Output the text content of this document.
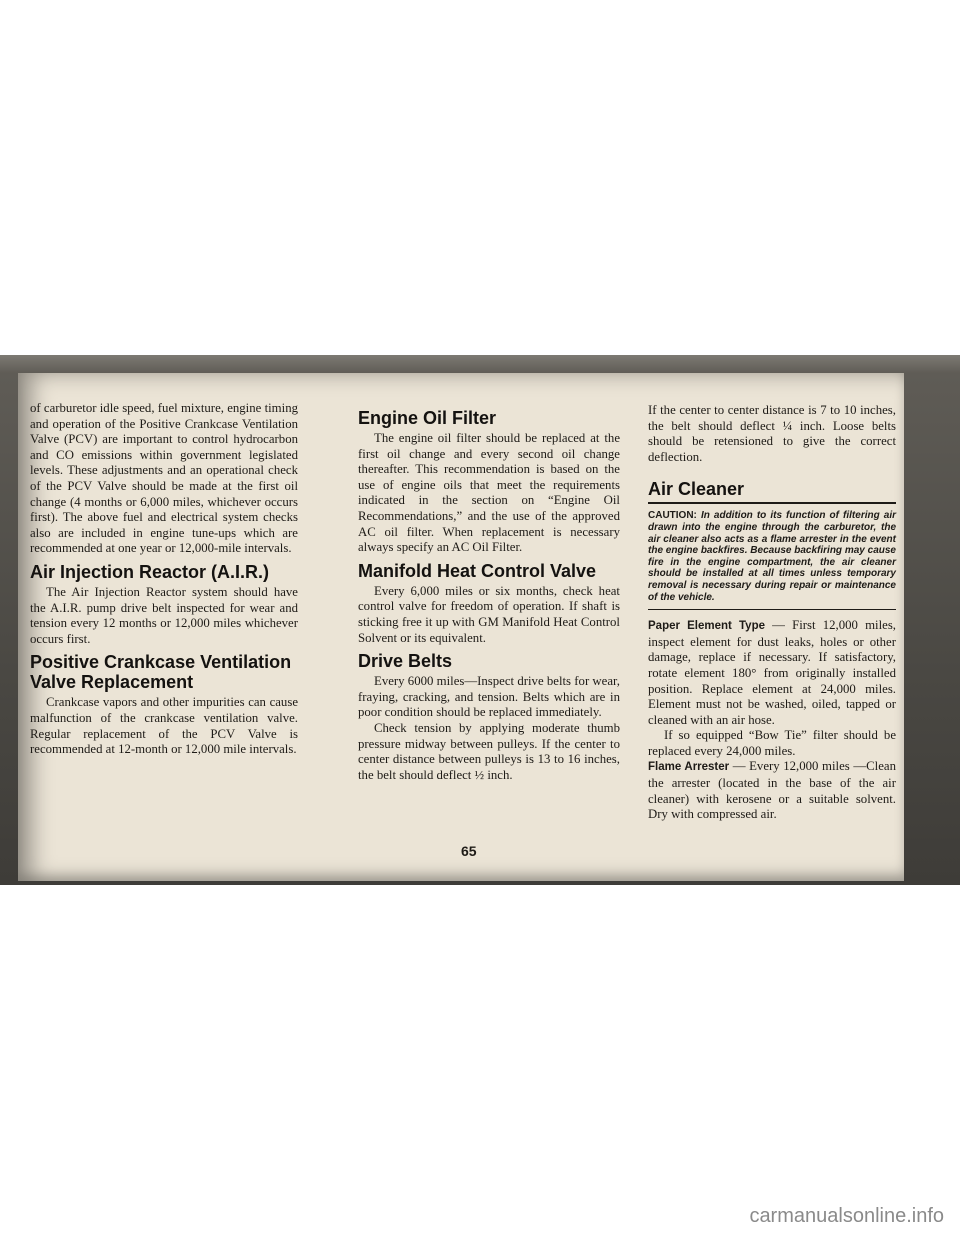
of carburetor idle speed, fuel mixture, engine timing and operation of the Positive Crankcase Ventilation Valve (PCV) are important to control hydrocarbon and CO emissions within government legislated levels. These adjustments and an operational check of the PCV Valve should be made at the first oil change (4 months or 6,000 miles, whichever occurs first). The above fuel and electrical system checks also are included in engine tune-ups which are recommended at one year or 12,000-mile intervals.

Air Injection Reactor (A.I.R.)

The Air Injection Reactor system should have the A.I.R. pump drive belt inspected for wear and tension every 12 months or 12,000 miles whichever occurs first.

Positive Crankcase Ventilation Valve Replacement

Crankcase vapors and other impurities can cause malfunction of the crankcase ventilation valve. Regular replacement of the PCV Valve is recommended at 12-month or 12,000 mile intervals.

Engine Oil Filter

The engine oil filter should be replaced at the first oil change and every second oil change thereafter. This recommendation is based on the use of engine oils that meet the requirements indicated in the section on “Engine Oil Recommendations,” and the use of the approved AC oil filter. When replacement is necessary always specify an AC Oil Filter.

Manifold Heat Control Valve

Every 6,000 miles or six months, check heat control valve for freedom of operation. If shaft is sticking free it up with GM Manifold Heat Control Solvent or its equivalent.

Drive Belts

Every 6000 miles—Inspect drive belts for wear, fraying, cracking, and tension. Belts which are in poor condition should be replaced immediately.

Check tension by applying moderate thumb pressure midway between pulleys. If the center to center distance between pulleys is 13 to 16 inches, the belt should deflect ½ inch.

If the center to center distance is 7 to 10 inches, the belt should deflect ¼ inch. Loose belts should be retensioned to give the correct deflection.

Air Cleaner

CAUTION: In addition to its function of filtering air drawn into the engine through the carburetor, the air cleaner also acts as a flame arrester in the event the engine backfires. Because backfiring may cause fire in the engine compartment, the air cleaner should be installed at all times unless temporary removal is necessary during repair or maintenance of the vehicle.

Paper Element Type — First 12,000 miles, inspect element for dust leaks, holes or other damage, replace if necessary. If satisfactory, rotate element 180° from originally installed position. Replace element at 24,000 miles. Element must not be washed, oiled, tapped or cleaned with an air hose.

If so equipped “Bow Tie” filter should be replaced every 24,000 miles.

Flame Arrester — Every 12,000 miles —Clean the arrester (located in the base of the air cleaner) with kerosene or a suitable solvent. Dry with compressed air.

65
carmanualsonline.info
